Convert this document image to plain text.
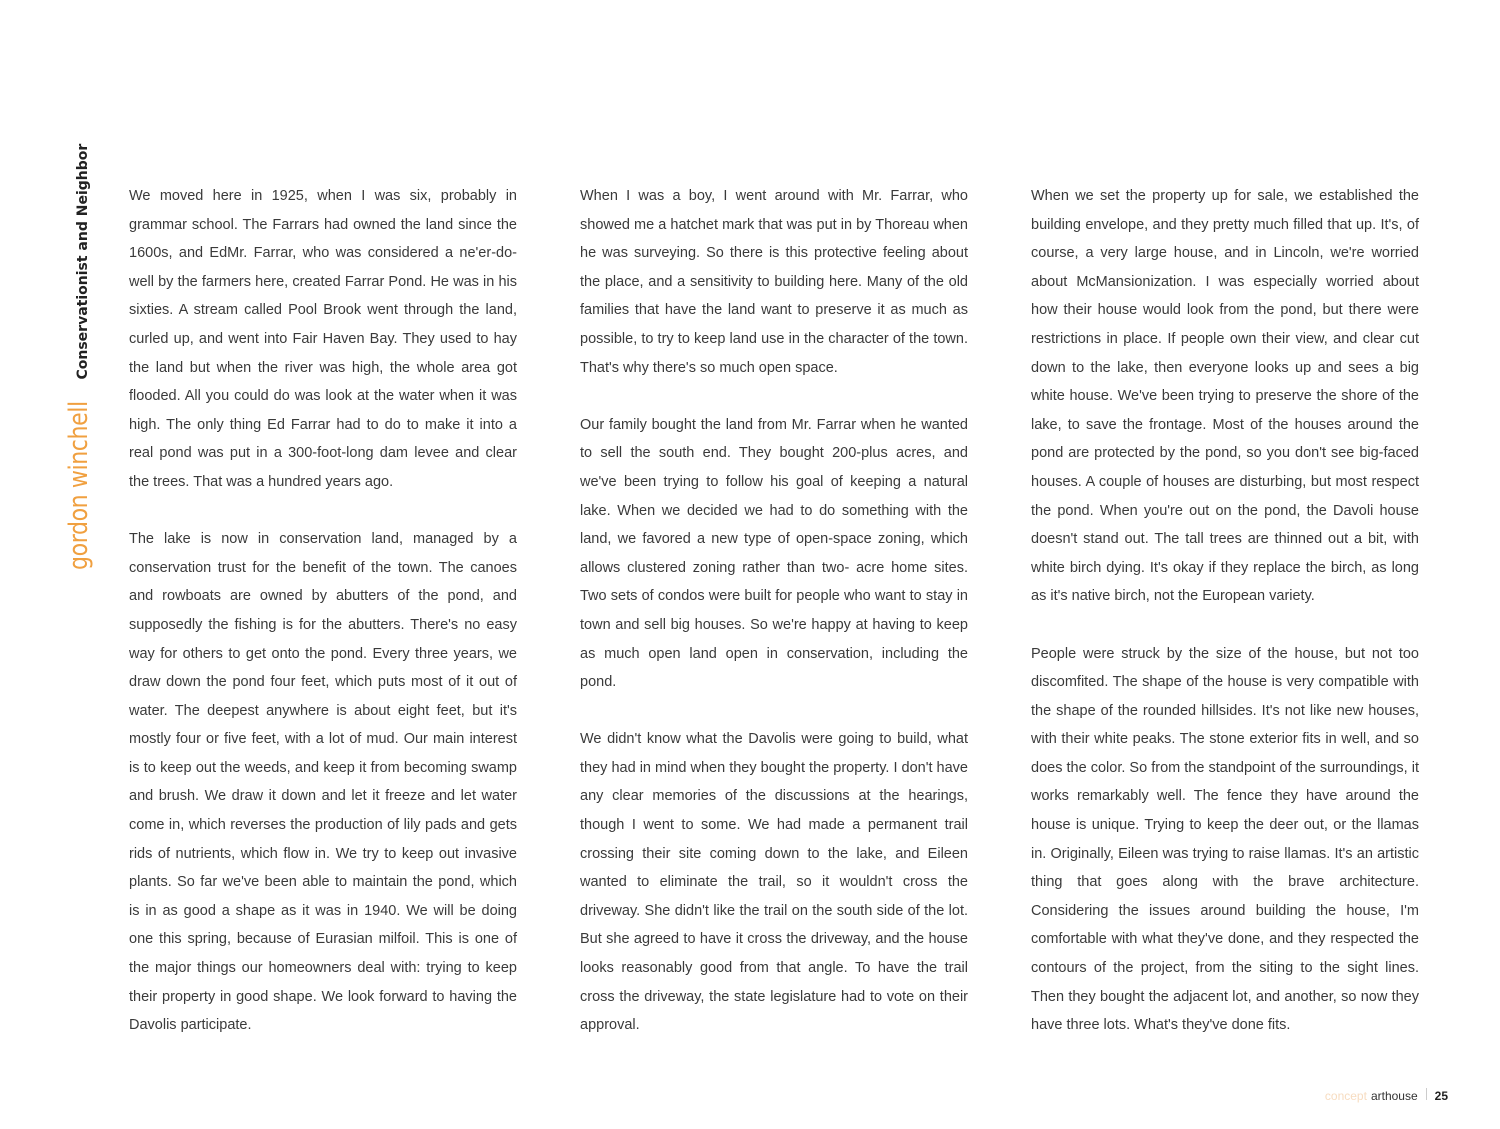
gordon winchell
Conservationist and Neighbor	We moved here in 1925, when I was six, probably in grammar school. The Farrars had owned the land since the 1600s, and EdMr. Farrar, who was considered a ne'er-do-well by the farmers here, created Farrar Pond. He was in his sixties. A stream called Pool Brook went through the land, curled up, and went into Fair Haven Bay. They used to hay the land but when the river was high, the whole area got flooded. All you could do was look at the water when it was high. The only thing Ed Farrar had to do to make it into a real pond was put in a 300-foot-long dam levee and clear the trees. That was a hundred years ago.

The lake is now in conservation land, managed by a conservation trust for the benefit of the town. The canoes and rowboats are owned by abutters of the pond, and supposedly the fishing is for the abutters. There's no easy way for others to get onto the pond. Every three years, we draw down the pond four feet, which puts most of it out of water. The deepest anywhere is about eight feet, but it's mostly four or five feet, with a lot of mud. Our main interest is to keep out the weeds, and keep it from becoming swamp and brush. We draw it down and let it freeze and let water come in, which reverses the production of lily pads and gets rids of nutrients, which flow in. We try to keep out invasive plants. So far we've been able to maintain the pond, which is in as good a shape as it was in 1940. We will be doing one this spring, because of Eurasian milfoil. This is one of the major things our homeowners deal with: trying to keep their property in good shape. We look forward to having the Davolis participate.

When I was a boy, I went around with Mr. Farrar, who showed me a hatchet mark that was put in by Thoreau when he was surveying. So there is this protective feeling about the place, and a sensitivity to building here. Many of the old families that have the land want to preserve it as much as possible, to try to keep land use in the character of the town. That's why there's so much open space.

Our family bought the land from Mr. Farrar when he wanted to sell the south end. They bought 200-plus acres, and we've been trying to follow his goal of keeping a natural lake. When we decided we had to do something with the land, we favored a new type of open-space zoning, which allows clustered zoning rather than two- acre home sites. Two sets of condos were built for people who want to stay in town and sell big houses. So we're happy at having to keep as much open land open in conservation, including the pond.

We didn't know what the Davolis were going to build, what they had in mind when they bought the property. I don't have any clear memories of the discussions at the hearings, though I went to some. We had made a permanent trail crossing their site coming down to the lake, and Eileen wanted to eliminate the trail, so it wouldn't cross the driveway. She didn't like the trail on the south side of the lot. But she agreed to have it cross the driveway, and the house looks reasonably good from that angle. To have the trail cross the driveway, the state legislature had to vote on their approval.

When we set the property up for sale, we established the building envelope, and they pretty much filled that up. It's, of course, a very large house, and in Lincoln, we're worried about McMansionization. I was especially worried about how their house would look from the pond, but there were restrictions in place. If people own their view, and clear cut down to the lake, then everyone looks up and sees a big white house. We've been trying to preserve the shore of the lake, to save the frontage. Most of the houses around the pond are protected by the pond, so you don't see big-faced houses. A couple of houses are disturbing, but most respect the pond. When you're out on the pond, the Davoli house doesn't stand out. The tall trees are thinned out a bit, with white birch dying. It's okay if they replace the birch, as long as it's native birch, not the European variety.

People were struck by the size of the house, but not too discomfited. The shape of the house is very compatible with the shape of the rounded hillsides. It's not like new houses, with their white peaks. The stone exterior fits in well, and so does the color. So from the standpoint of the surroundings, it works remarkably well. The fence they have around the house is unique. Trying to keep the deer out, or the llamas in. Originally, Eileen was trying to raise llamas. It's an artistic thing that goes along with the brave architecture. Considering the issues around building the house, I'm comfortable with what they've done, and they respected the contours of the project, from the siting to the sight lines. Then they bought the adjacent lot, and another, so now they have three lots. What's they've done fits.

concept arthouse 25
